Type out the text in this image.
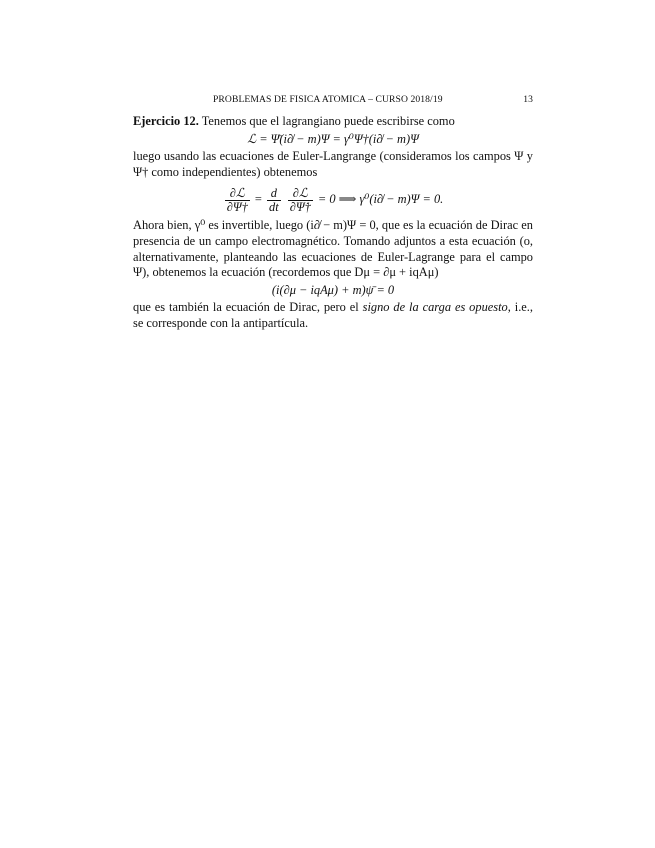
PROBLEMAS DE FISICA ATOMICA – CURSO 2018/19	13

Ejercicio 12. Tenemos que el lagrangiano puede escribirse como

ℒ = Ψ̄(i∂̸ − m)Ψ = γ⁰Ψ†(i∂̸ − m)Ψ

luego usando las ecuaciones de Euler-Langrange (consideramos los campos Ψ y Ψ† como independientes) obtenemos

$\frac{\text{∂ℒ}}{\partial\Psi\dagger} = \frac{d}{dt}$
$\frac{\text{∂ℒ}}{\partial\Psi̇\dagger} = 0$ ⟹ γ⁰(i∂̸ − m)Ψ = 0.

Ahora bien, γ⁰ es invertible, luego (i∂̸ − m)Ψ = 0, que es la ecuación de Dirac en presencia de un campo electromagnético. Tomando adjuntos a esta ecuación (o, alternativamente, planteando las ecuaciones de Euler-Lagrange para el campo Ψ), obtenemos la ecuación (recordemos que Dμ = ∂μ + iqAμ)

(i(∂μ − iqAμ) + m)ψ̄ = 0

que es también la ecuación de Dirac, pero el signo de la carga es opuesto, i.e., se corresponde con la antipartícula.
